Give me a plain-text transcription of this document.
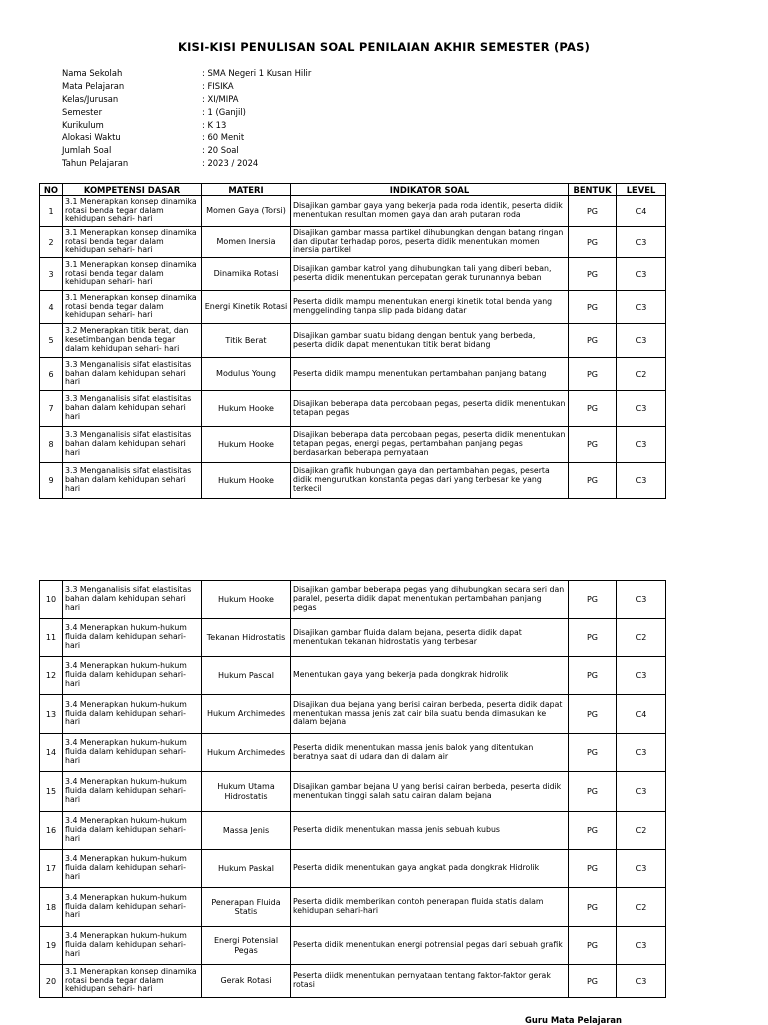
KISI-KISI PENULISAN SOAL PENILAIAN AKHIR SEMESTER (PAS)
Nama Sekolah	: SMA Negeri 1 Kusan Hilir
Mata Pelajaran	: FISIKA
Kelas/Jurusan	: XI/MIPA
Semester	: 1 (Ganjil)
Kurikulum	: K 13
Alokasi Waktu	: 60 Menit
Jumlah Soal	: 20 Soal
Tahun Pelajaran	: 2023 / 2024
NO	KOMPETENSI DASAR	MATERI	INDIKATOR SOAL	BENTUK	LEVEL
1	3.1 Menerapkan konsep dinamika rotasi benda tegar dalam kehidupan sehari- hari	Momen Gaya (Torsi)	Disajikan gambar gaya yang bekerja pada roda identik, peserta didik menentukan resultan momen gaya dan arah putaran roda	PG	C4
2	3.1 Menerapkan konsep dinamika rotasi benda tegar dalam kehidupan sehari- hari	Momen Inersia	Disajikan gambar massa partikel dihubungkan dengan batang ringan dan diputar terhadap poros, peserta didik menentukan momen inersia partikel	PG	C3
3	3.1 Menerapkan konsep dinamika rotasi benda tegar dalam kehidupan sehari- hari	Dinamika Rotasi	Disajikan gambar katrol yang dihubungkan tali yang diberi beban, peserta didik menentukan percepatan gerak turunannya beban	PG	C3
4	3.1 Menerapkan konsep dinamika rotasi benda tegar dalam kehidupan sehari- hari	Energi Kinetik Rotasi	Peserta didik mampu menentukan energi kinetik total benda yang menggelinding tanpa slip pada bidang datar	PG	C3
5	3.2 Menerapkan titik berat, dan kesetimbangan benda tegar dalam kehidupan sehari- hari	Titik Berat	Disajikan gambar suatu bidang dengan bentuk yang berbeda, peserta didik dapat menentukan titik berat bidang	PG	C3
6	3.3 Menganalisis sifat elastisitas bahan dalam kehidupan sehari hari	Modulus Young	Peserta didik mampu menentukan pertambahan panjang batang	PG	C2
7	3.3 Menganalisis sifat elastisitas bahan dalam kehidupan sehari hari	Hukum Hooke	Disajikan beberapa data percobaan pegas, peserta didik menentukan tetapan pegas	PG	C3
8	3.3 Menganalisis sifat elastisitas bahan dalam kehidupan sehari hari	Hukum Hooke	Disajikan beberapa data percobaan pegas, peserta didik menentukan tetapan pegas, energi pegas, pertambahan panjang pegas berdasarkan beberapa pernyataan	PG	C3
9	3.3 Menganalisis sifat elastisitas bahan dalam kehidupan sehari hari	Hukum Hooke	Disajikan grafik hubungan gaya dan pertambahan pegas, peserta didik mengurutkan konstanta pegas dari yang terbesar ke yang terkecil	PG	C3
10	3.3 Menganalisis sifat elastisitas bahan dalam kehidupan sehari hari	Hukum Hooke	Disajikan gambar beberapa pegas yang dihubungkan secara seri dan paralel, peserta didik dapat menentukan pertambahan panjang pegas	PG	C3
11	3.4 Menerapkan hukum-hukum fluida dalam kehidupan sehari-hari	Tekanan Hidrostatis	Disajikan gambar fluida dalam bejana, peserta didik dapat menentukan tekanan hidrostatis yang terbesar	PG	C2
12	3.4 Menerapkan hukum-hukum fluida dalam kehidupan sehari-hari	Hukum Pascal	Menentukan gaya yang bekerja pada dongkrak hidrolik	PG	C3
13	3.4 Menerapkan hukum-hukum fluida dalam kehidupan sehari-hari	Hukum Archimedes	Disajikan dua bejana yang berisi cairan berbeda, peserta didik dapat menentukan massa jenis zat cair bila suatu benda dimasukan ke dalam bejana	PG	C4
14	3.4 Menerapkan hukum-hukum fluida dalam kehidupan sehari-hari	Hukum Archimedes	Peserta didik menentukan massa jenis balok yang ditentukan beratnya saat di udara dan di dalam air	PG	C3
15	3.4 Menerapkan hukum-hukum fluida dalam kehidupan sehari-hari	Hukum Utama Hidrostatis	Disajikan gambar bejana U yang berisi cairan berbeda, peserta didik menentukan tinggi salah satu cairan dalam bejana	PG	C3
16	3.4 Menerapkan hukum-hukum fluida dalam kehidupan sehari-hari	Massa Jenis	Peserta didik menentukan massa jenis sebuah kubus	PG	C2
17	3.4 Menerapkan hukum-hukum fluida dalam kehidupan sehari-hari	Hukum Paskal	Peserta didik menentukan gaya angkat pada dongkrak Hidrolik	PG	C3
18	3.4 Menerapkan hukum-hukum fluida dalam kehidupan sehari-hari	Penerapan Fluida Statis	Peserta didik memberikan contoh penerapan fluida statis dalam kehidupan sehari-hari	PG	C2
19	3.4 Menerapkan hukum-hukum fluida dalam kehidupan sehari-hari	Energi Potensial Pegas	Peserta didik menentukan energi potrensial pegas dari sebuah grafik	PG	C3
20	3.1 Menerapkan konsep dinamika rotasi benda tegar dalam kehidupan sehari- hari	Gerak Rotasi	Peserta diidk menentukan pernyataan tentang faktor-faktor gerak rotasi	PG	C3
Guru Mata Pelajaran
